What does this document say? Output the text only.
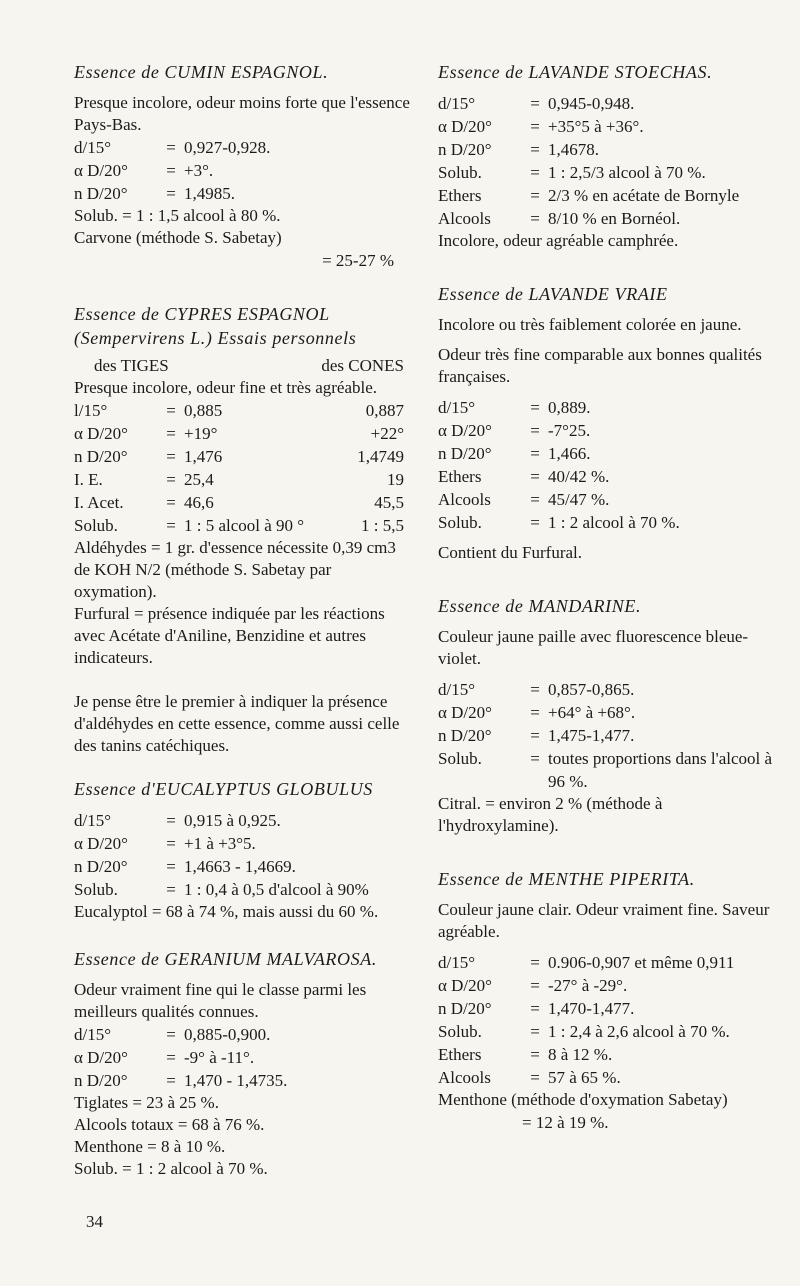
Essence de CUMIN ESPAGNOL.

Presque incolore, odeur moins forte que l'essence Pays-Bas.

d/15°	= 0,927-0,928.
α D/20°	= +3°.
n D/20°	= 1,4985.

Solub. = 1 : 1,5 alcool à 80 %.

Carvone (méthode S. Sabetay)

= 25-27 %
Essence de CYPRES ESPAGNOL (Sempervirens L.) Essais personnels
des TIGES	des CONES

Presque incolore, odeur fine et très agréable.

l/15°	= 0,885	0,887
α D/20°	= +19°	+22°
n D/20°	= 1,476	1,4749
I. E.	= 25,4	19
I. Acet.	= 46,6	45,5
Solub.	= 1 : 5 alcool à 90 °	1 : 5,5

Aldéhydes = 1 gr. d'essence nécessite 0,39 cm3 de KOH N/2 (méthode S. Sabetay par oxymation).

Furfural = présence indiquée par les réactions avec Acétate d'Aniline, Benzidine et autres indicateurs.

Je pense être le premier à indiquer la présence d'aldéhydes en cette essence, comme aussi celle des tanins catéchiques.

Essence d'EUCALYPTUS GLOBULUS
d/15°	= 0,915 à 0,925.
α D/20°	= +1 à +3°5.
n D/20°	= 1,4663 - 1,4669.
Solub.	= 1 : 0,4 à 0,5 d'alcool à 90%

Eucalyptol = 68 à 74 %, mais aussi du 60 %.

Essence de GERANIUM MALVAROSA.

Odeur vraiment fine qui le classe parmi les meilleurs qualités connues.

d/15°	= 0,885-0,900.
α D/20°	= -9° à -11°.
n D/20°	= 1,470 - 1,4735.

Tiglates = 23 à 25 %.

Alcools totaux = 68 à 76 %.

Menthone = 8 à 10 %.

Solub. = 1 : 2 alcool à 70 %.

Essence de LAVANDE STOECHAS.
d/15°	= 0,945-0,948.
α D/20°	= +35°5 à +36°.
n D/20°	= 1,4678.
Solub.	= 1 : 2,5/3 alcool à 70 %.
Ethers	= 2/3 % en acétate de Bornyle
Alcools	= 8/10 % en Bornéol.

Incolore, odeur agréable camphrée.

Essence de LAVANDE VRAIE

Incolore ou très faiblement colorée en jaune.

Odeur très fine comparable aux bonnes qualités françaises.

d/15°	= 0,889.
α D/20°	= -7°25.
n D/20°	= 1,466.
Ethers	= 40/42 %.
Alcools	= 45/47 %.
Solub.	= 1 : 2 alcool à 70 %.

Contient du Furfural.

Essence de MANDARINE.

Couleur jaune paille avec fluorescence bleue-violet.

d/15°	= 0,857-0,865.
α D/20°	= +64° à +68°.
n D/20°	= 1,475-1,477.
Solub.	= toutes proportions dans l'alcool à 96 %.

Citral. = environ 2 % (méthode à l'hydroxylamine).

Essence de MENTHE PIPERITA.

Couleur jaune clair. Odeur vraiment fine. Saveur agréable.

d/15°	= 0.906-0,907 et même 0,911
α D/20°	= -27° à -29°.
n D/20°	= 1,470-1,477.
Solub.	= 1 : 2,4 à 2,6 alcool à 70 %.
Ethers	= 8 à 12 %.
Alcools	= 57 à 65 %.

Menthone (méthode d'oxymation Sabetay)

= 12 à 19 %.
34
